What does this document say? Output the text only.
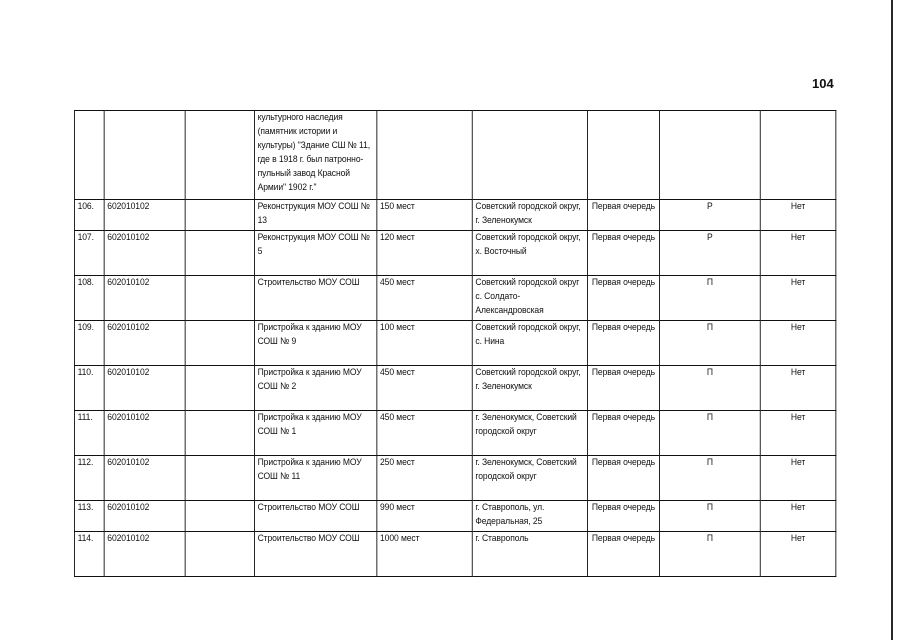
104
			культурного наследия (памятник истории и культуры) "Здание СШ № 11, где в 1918 г. был патронно-пульный завод Красной Армии" 1902 г."					
106.	602010102		Реконструкция МОУ СОШ № 13	150 мест	Советский городской округ, г. Зеленокумск	Первая очередь	Р	Нет
107.	602010102		Реконструкция МОУ СОШ № 5	120 мест	Советский городской округ, х. Восточный	Первая очередь	Р	Нет
108.	602010102		Строительство МОУ СОШ	450 мест	Советский городской округ с. Солдато-Александровская	Первая очередь	П	Нет
109.	602010102		Пристройка к зданию МОУ СОШ № 9	100 мест	Советский городской округ, с. Нина	Первая очередь	П	Нет
110.	602010102		Пристройка к зданию МОУ СОШ № 2	450 мест	Советский городской округ, г. Зеленокумск	Первая очередь	П	Нет
111.	602010102		Пристройка к зданию МОУ СОШ № 1	450 мест	г. Зеленокумск, Советский городской округ	Первая очередь	П	Нет
112.	602010102		Пристройка к зданию МОУ СОШ № 11	250 мест	г. Зеленокумск, Советский городской округ	Первая очередь	П	Нет
113.	602010102		Строительство МОУ СОШ	990 мест	г. Ставрополь, ул. Федеральная, 25	Первая очередь	П	Нет
114.	602010102		Строительство МОУ СОШ	1000 мест	г. Ставрополь	Первая очередь	П	Нет
